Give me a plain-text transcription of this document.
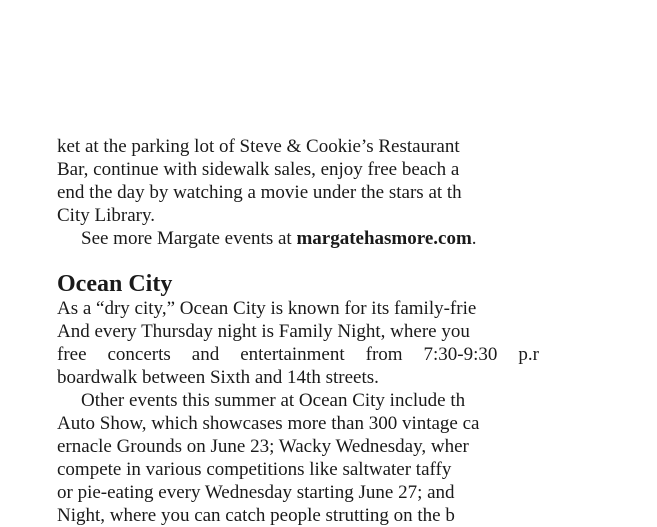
ket at the parking lot of Steve & Cookie’s Restaurant
Bar, continue with sidewalk sales, enjoy free beach a
end the day by watching a movie under the stars at th
City Library.
See more Margate events at margatehasmore.com.
Ocean City
As a “dry city,” Ocean City is known for its family-frie
And every Thursday night is Family Night, where you
free concerts and entertainment from 7:30-9:30 p.r
boardwalk between Sixth and 14th streets.
Other events this summer at Ocean City include th
Auto Show, which showcases more than 300 vintage ca
ernacle Grounds on June 23; Wacky Wednesday, wher
compete in various competitions like saltwater taffy
or pie-eating every Wednesday starting June 27; and
Night, where you can catch people strutting on the b
